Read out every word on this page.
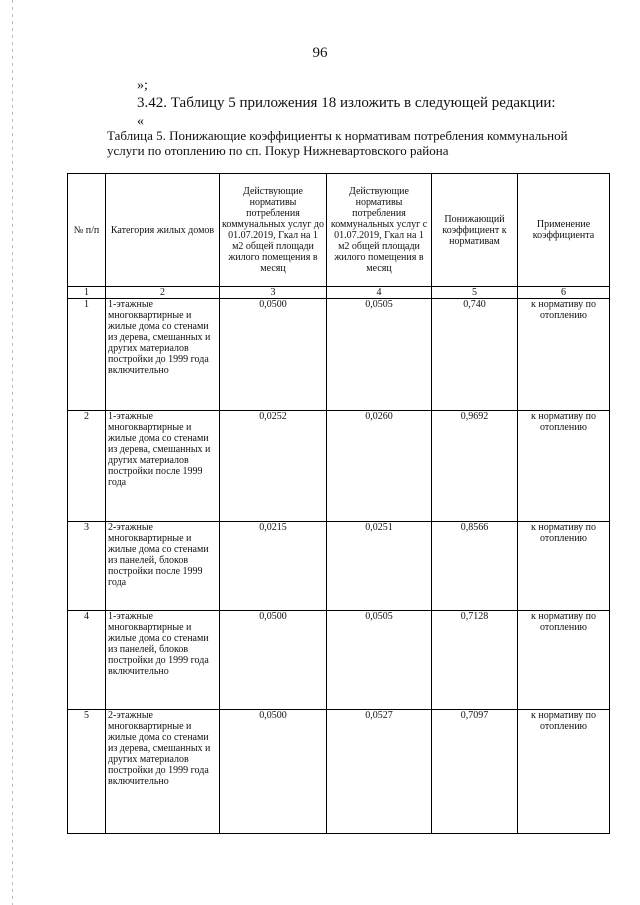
96
»;
3.42. Таблицу 5 приложения 18 изложить в следующей редакции:
«
Таблица 5. Понижающие коэффициенты к нормативам потребления коммунальной
услуги по отоплению по сп. Покур Нижневартовского района
№ п/п	Категория жилых домов	Действующие нормативы потребления коммунальных услуг до 01.07.2019, Гкал на 1 м2 общей площади жилого помещения в месяц	Действующие нормативы потребления коммунальных услуг с 01.07.2019, Гкал на 1 м2 общей площади жилого помещения в месяц	Понижающий коэффициент к нормативам	Применение коэффициента
1	2	3	4	5	6
1	1-этажные многоквартирные и жилые дома со стенами из дерева, смешанных и других материалов постройки до 1999 года включительно	0,0500	0,0505	0,740	к нормативу по отоплению
2	1-этажные многоквартирные и жилые дома со стенами из дерева, смешанных и других материалов постройки после 1999 года	0,0252	0,0260	0,9692	к нормативу по отоплению
3	2-этажные многоквартирные и жилые дома со стенами из панелей, блоков постройки после 1999 года	0,0215	0,0251	0,8566	к нормативу по отоплению
4	1-этажные многоквартирные и жилые дома со стенами из панелей, блоков постройки до 1999 года включительно	0,0500	0,0505	0,7128	к нормативу по отоплению
5	2-этажные многоквартирные и жилые дома со стенами из дерева, смешанных и других материалов постройки до 1999 года включительно	0,0500	0,0527	0,7097	к нормативу по отоплению
